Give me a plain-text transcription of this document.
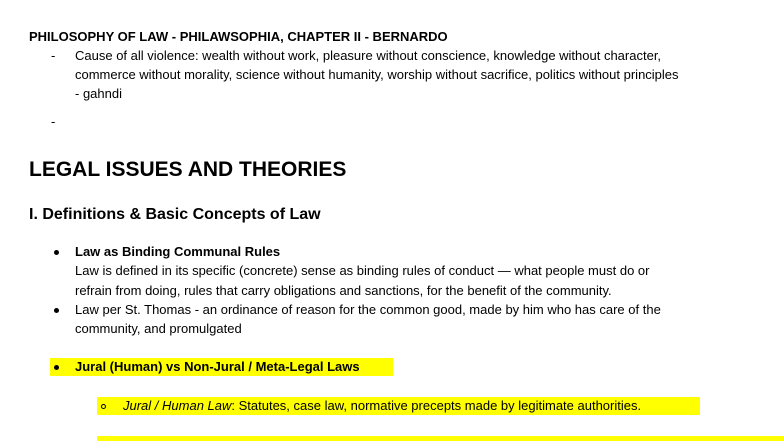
PHILOSOPHY OF LAW - PHILAWSOPHIA, CHAPTER II - BERNARDO
- Cause of all violence: wealth without work, pleasure without conscience, knowledge without character,
commerce without morality, science without humanity, worship without sacrifice, politics without principles
- gahndi
-
LEGAL ISSUES AND THEORIES
I. Definitions & Basic Concepts of Law
Law as Binding Communal Rules
Law is defined in its specific (concrete) sense as binding rules of conduct — what people must do or
refrain from doing, rules that carry obligations and sanctions, for the benefit of the community.
Law per St. Thomas - an ordinance of reason for the common good, made by him who has care of the
community, and promulgated
Jural (Human) vs Non-Jural / Meta-Legal Laws
Jural / Human Law: Statutes, case law, normative precepts made by legitimate authorities.
